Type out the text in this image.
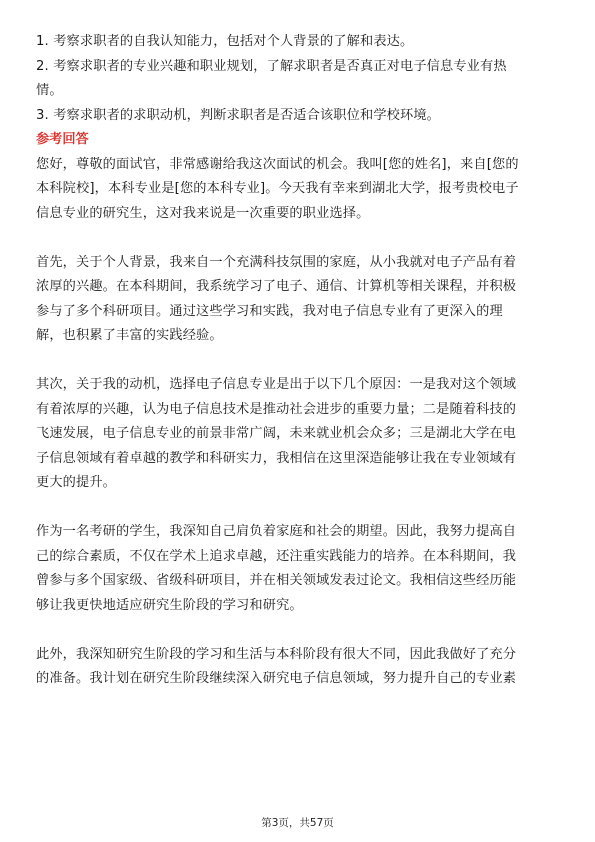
1. 考察求职者的自我认知能力，包括对个人背景的了解和表达。
2. 考察求职者的专业兴趣和职业规划，了解求职者是否真正对电子信息专业有热
情。
3. 考察求职者的求职动机，判断求职者是否适合该职位和学校环境。
参考回答
您好，尊敬的面试官，非常感谢给我这次面试的机会。我叫[您的姓名]，来自[您的
本科院校]，本科专业是[您的本科专业]。今天我有幸来到湖北大学，报考贵校电子
信息专业的研究生，这对我来说是一次重要的职业选择。
首先，关于个人背景，我来自一个充满科技氛围的家庭，从小我就对电子产品有着
浓厚的兴趣。在本科期间，我系统学习了电子、通信、计算机等相关课程，并积极
参与了多个科研项目。通过这些学习和实践，我对电子信息专业有了更深入的理
解，也积累了丰富的实践经验。
其次，关于我的动机，选择电子信息专业是出于以下几个原因：一是我对这个领域
有着浓厚的兴趣，认为电子信息技术是推动社会进步的重要力量；二是随着科技的
飞速发展，电子信息专业的前景非常广阔，未来就业机会众多；三是湖北大学在电
子信息领域有着卓越的教学和科研实力，我相信在这里深造能够让我在专业领域有
更大的提升。
作为一名考研的学生，我深知自己肩负着家庭和社会的期望。因此，我努力提高自
己的综合素质，不仅在学术上追求卓越，还注重实践能力的培养。在本科期间，我
曾参与多个国家级、省级科研项目，并在相关领域发表过论文。我相信这些经历能
够让我更快地适应研究生阶段的学习和研究。
此外，我深知研究生阶段的学习和生活与本科阶段有很大不同，因此我做好了充分
的准备。我计划在研究生阶段继续深入研究电子信息领域，努力提升自己的专业素
第3页，共57页
